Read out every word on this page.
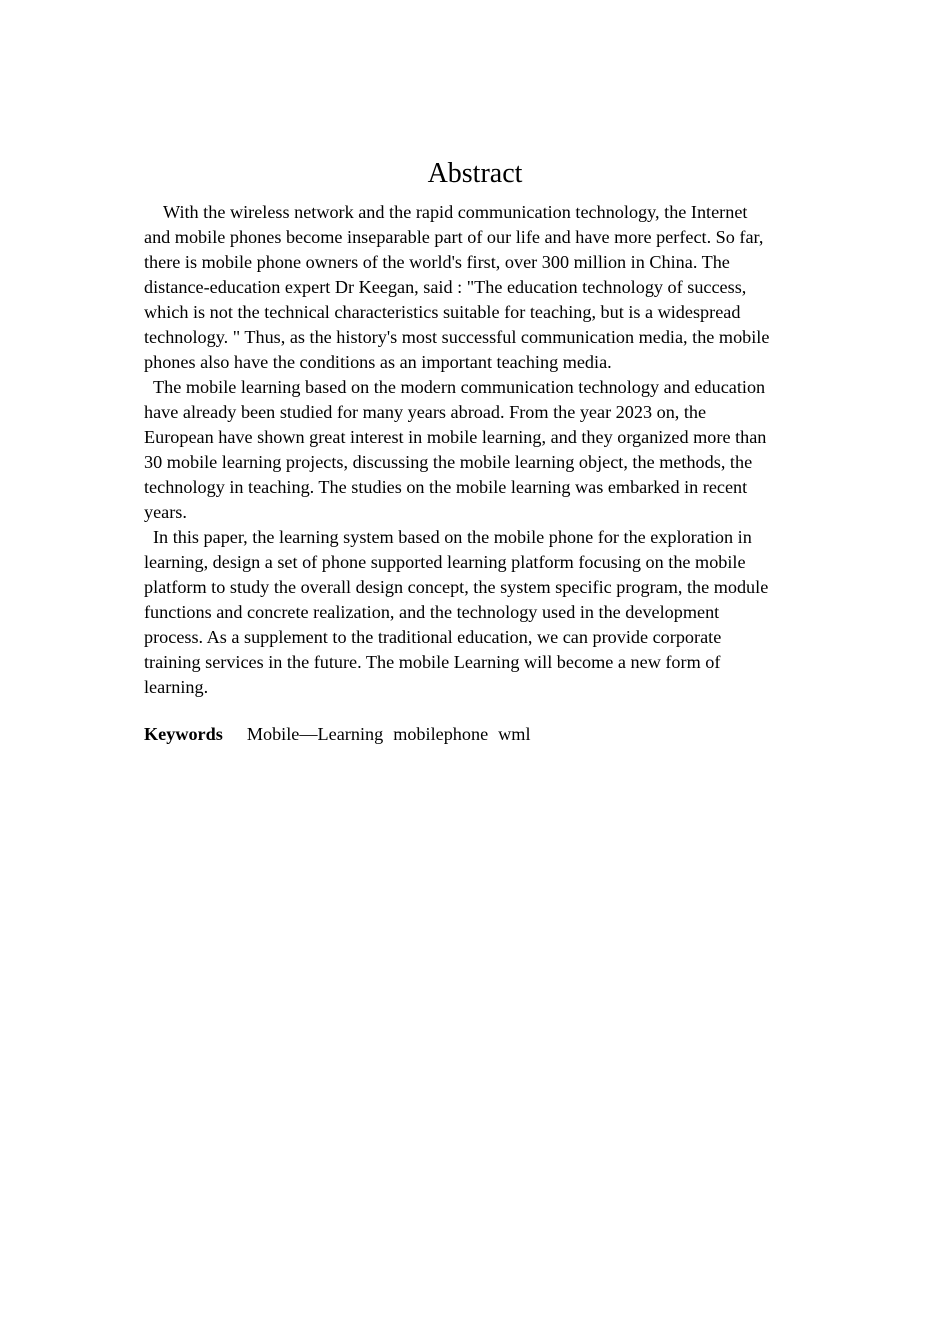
Abstract
With the wireless network and the rapid communication technology, the Internet
and mobile phones become inseparable part of our life and have more perfect. So far,
there is mobile phone owners of the world's first, over 300 million in China. The
distance-education expert Dr Keegan, said : "The education technology of success,
which is not the technical characteristics suitable for teaching, but is a widespread
technology. " Thus, as the history's most successful communication media, the mobile
phones also have the conditions as an important teaching media.
The mobile learning based on the modern communication technology and education
have already been studied for many years abroad. From the year 2023 on, the
European have shown great interest in mobile learning, and they organized more than
30 mobile learning projects, discussing the mobile learning object, the methods, the
technology in teaching. The studies on the mobile learning was embarked in recent
years.
In this paper, the learning system based on the mobile phone for the exploration in
learning, design a set of phone supported learning platform focusing on the mobile
platform to study the overall design concept, the system specific program, the module
functions and concrete realization, and the technology used in the development
process. As a supplement to the traditional education, we can provide corporate
training services in the future. The mobile Learning will become a new form of
learning.
Keywords Mobile—Learning mobilephone wml
